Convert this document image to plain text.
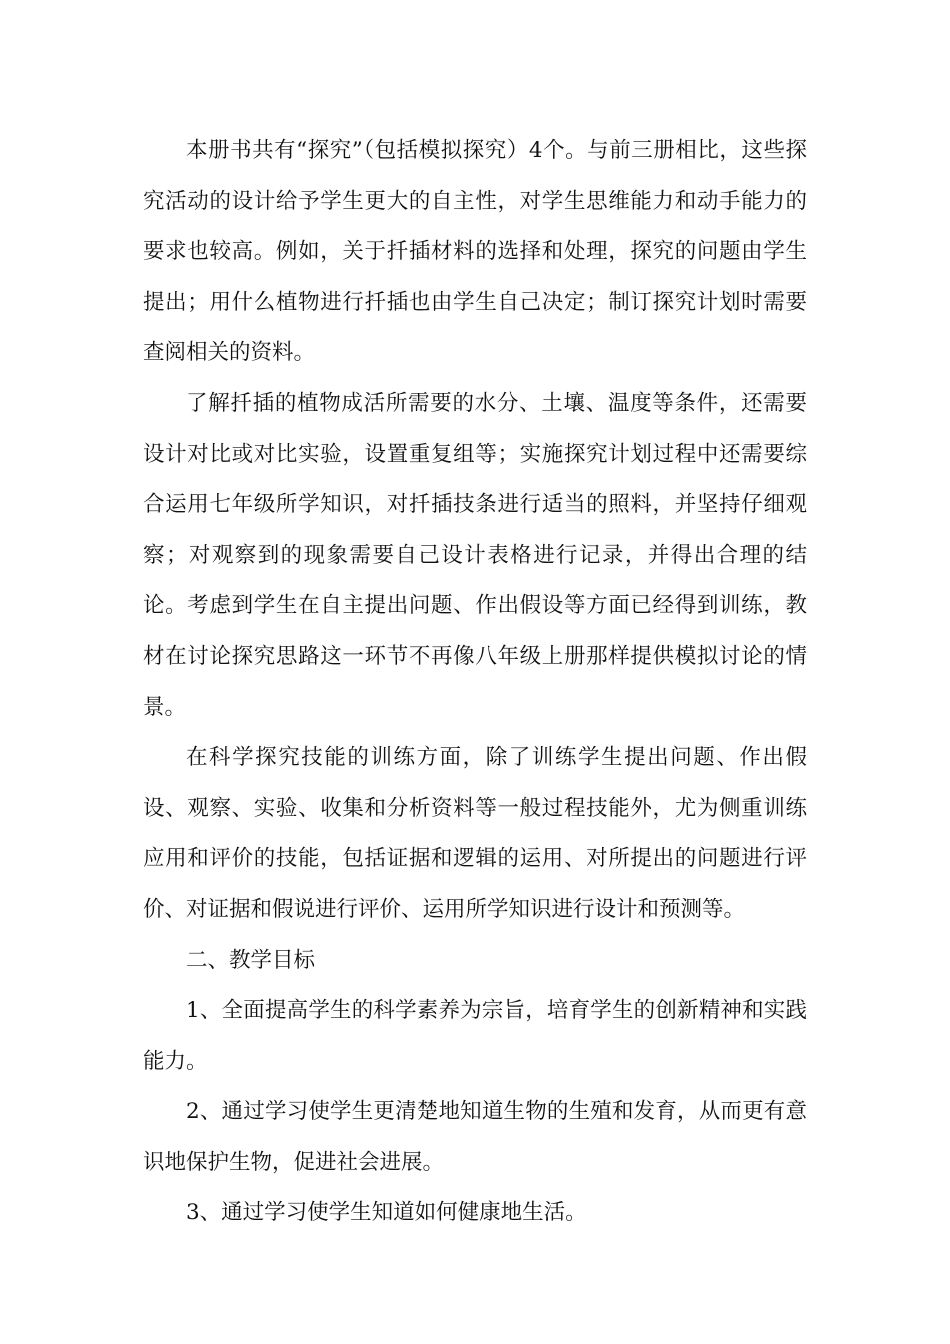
本册书共有“探究”（包括模拟探究）4个。与前三册相比，这些探究活动的设计给予学生更大的自主性，对学生思维能力和动手能力的要求也较高。例如，关于扦插材料的选择和处理，探究的问题由学生提出；用什么植物进行扦插也由学生自己决定；制订探究计划时需要查阅相关的资料。

了解扦插的植物成活所需要的水分、土壤、温度等条件，还需要设计对比或对比实验，设置重复组等；实施探究计划过程中还需要综合运用七年级所学知识，对扦插技条进行适当的照料，并坚持仔细观察；对观察到的现象需要自己设计表格进行记录，并得出合理的结论。考虑到学生在自主提出问题、作出假设等方面已经得到训练，教材在讨论探究思路这一环节不再像八年级上册那样提供模拟讨论的情景。

在科学探究技能的训练方面，除了训练学生提出问题、作出假设、观察、实验、收集和分析资料等一般过程技能外，尤为侧重训练应用和评价的技能，包括证据和逻辑的运用、对所提出的问题进行评价、对证据和假说进行评价、运用所学知识进行设计和预测等。

二、教学目标

1、全面提高学生的科学素养为宗旨，培育学生的创新精神和实践能力。

2、通过学习使学生更清楚地知道生物的生殖和发育，从而更有意识地保护生物，促进社会进展。

3、通过学习使学生知道如何健康地生活。
